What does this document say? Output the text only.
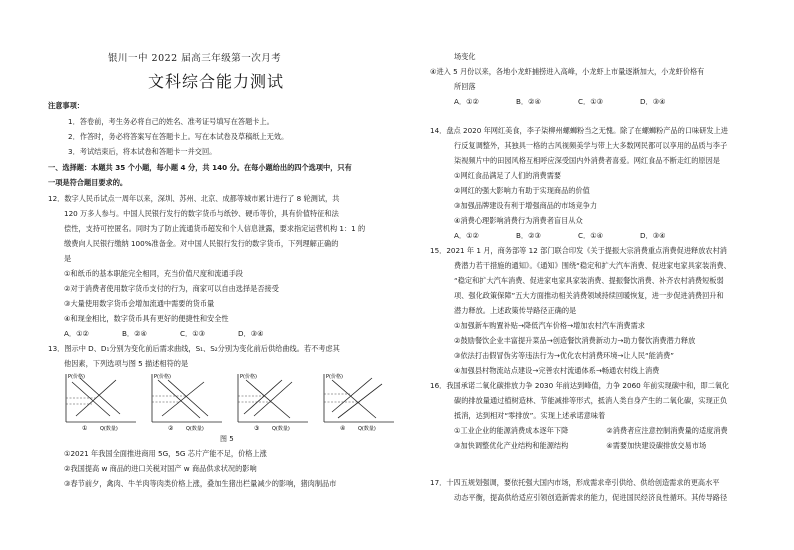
银川一中 2022 届高三年级第一次月考
文科综合能力测试
注意事项：
1．答卷前，考生务必将自己的姓名、准考证号填写在答题卡上。
2．作答时，务必将答案写在答题卡上。写在本试卷及草稿纸上无效。
3．考试结束后，将本试卷和答题卡一并交回。
一、选择题：本题共 35 个小题，每小题 4 分，共 140 分。在每小题给出的四个选项中，只有
一项是符合题目要求的。
12．数字人民币试点一周年以来，深圳、苏州、北京、成都等城市累计进行了 8 轮测试，共
120 万多人参与。中国人民银行发行的数字货币与纸钞、硬币等价，具有价值特征和法
偿性，支持可控匿名。同时为了防止流通货币超发和个人信息泄露，要求指定运营机构 1：1 的
缴费向人民银行缴纳 100%准备金。对中国人民银行发行的数字货币，下列理解正确的
是
①和纸币的基本职能完全相同，充当价值尺度和流通手段
②对于消费者使用数字货币支付的行为，商家可以自由选择是否接受
③大量使用数字货币会增加流通中需要的货币量
④和现金相比，数字货币具有更好的便捷性和安全性
A．①②	B．②④	C．①③	D．③④
13．图示中 D、D₁分别为变化前后需求曲线，S₁、S₂分别为变化前后供给曲线。若不考虑其
他因素，下列选项与图 5 描述相符的是
P(价格)
Q(数量)
①
P(价格)
Q(数量)
②
P(价格)
Q(数量)
③
P(价格)
Q(数量)
④
图 5
①2021 年我国全面推进商用 5G，5G 芯片产能不足，价格上涨
②我国提高 w 商品的进口关税对国产 w 商品供求状况的影响
③春节前夕，禽肉、牛羊肉等肉类价格上涨，叠加生猪出栏量减少的影响，猪肉制品市
场变化
④进入 5 月份以来，各地小龙虾捕捞进入高峰，小龙虾上市量逐渐加大，小龙虾价格有
所回落
A．①②	B．②④	C．①③	D．③④
14．盘点 2020 年网红美食，李子柒柳州螺蛳粉当之无愧。除了在螺蛳粉产品的口味研发上进
行反复调整外，其独具一格的古风视频美学与带上大多数网民都可以享用的品质与李子
柒视频片中的田园风格互相呼应深受国内外消费者喜爱。网红食品不断走红的原因是
①网红食品满足了人们的消费需要
②网红的强大影响力有助于实现商品的价值
③加强品牌建设有利于增强商品的市场竞争力
④消费心理影响消费行为消费者盲目从众
A．①②	B．②③	C．①④	D．③④
15．2021 年 1 月，商务部等 12 部门联合印发《关于提振大宗消费重点消费促进释放农村消
费潜力若干措施的通知》。《通知》围绕“稳定和扩大汽车消费、促进家电家具家装消费、
“稳定和扩大汽车消费、促进家电家具家装消费、提振餐饮消费、补齐农村消费短板弱
项、强化政策保障”五大方面推动相关消费领域持续回暖恢复，进一步促进消费回升和
潜力释放。上述政策传导路径正确的是
①加强新车购置补贴→降低汽车价格→增加农村汽车消费需求
②鼓励餐饮企业丰富提升菜品→创造餐饮消费新动力→助力餐饮消费潜力释放
③依法打击假冒伪劣等违法行为→优化农村消费环境→让人民“能消费”
④加强县村物流站点建设→完善农村流通体系→畅通农村线上消费
16．我国承诺二氧化碳排放力争 2030 年前达到峰值，力争 2060 年前实现碳中和，即二氧化
碳的排放量通过植树造林、节能减排等形式，抵消人类自身产生的二氧化碳，实现正负
抵消，达到相对“零排放”。实现上述承诺意味着
①工业企业的能源消费成本逐年下降	②消费者应注意控制消费量的适度消费
③加快调整优化产业结构和能源结构	④需要加快建设碳排放交易市场
17．十四五规划强调，要依托强大国内市场，形成需求牵引供给、供给创造需求的更高水平
动态平衡，提高供给适应引领创造新需求的能力，促进国民经济良性循环。其传导路径
